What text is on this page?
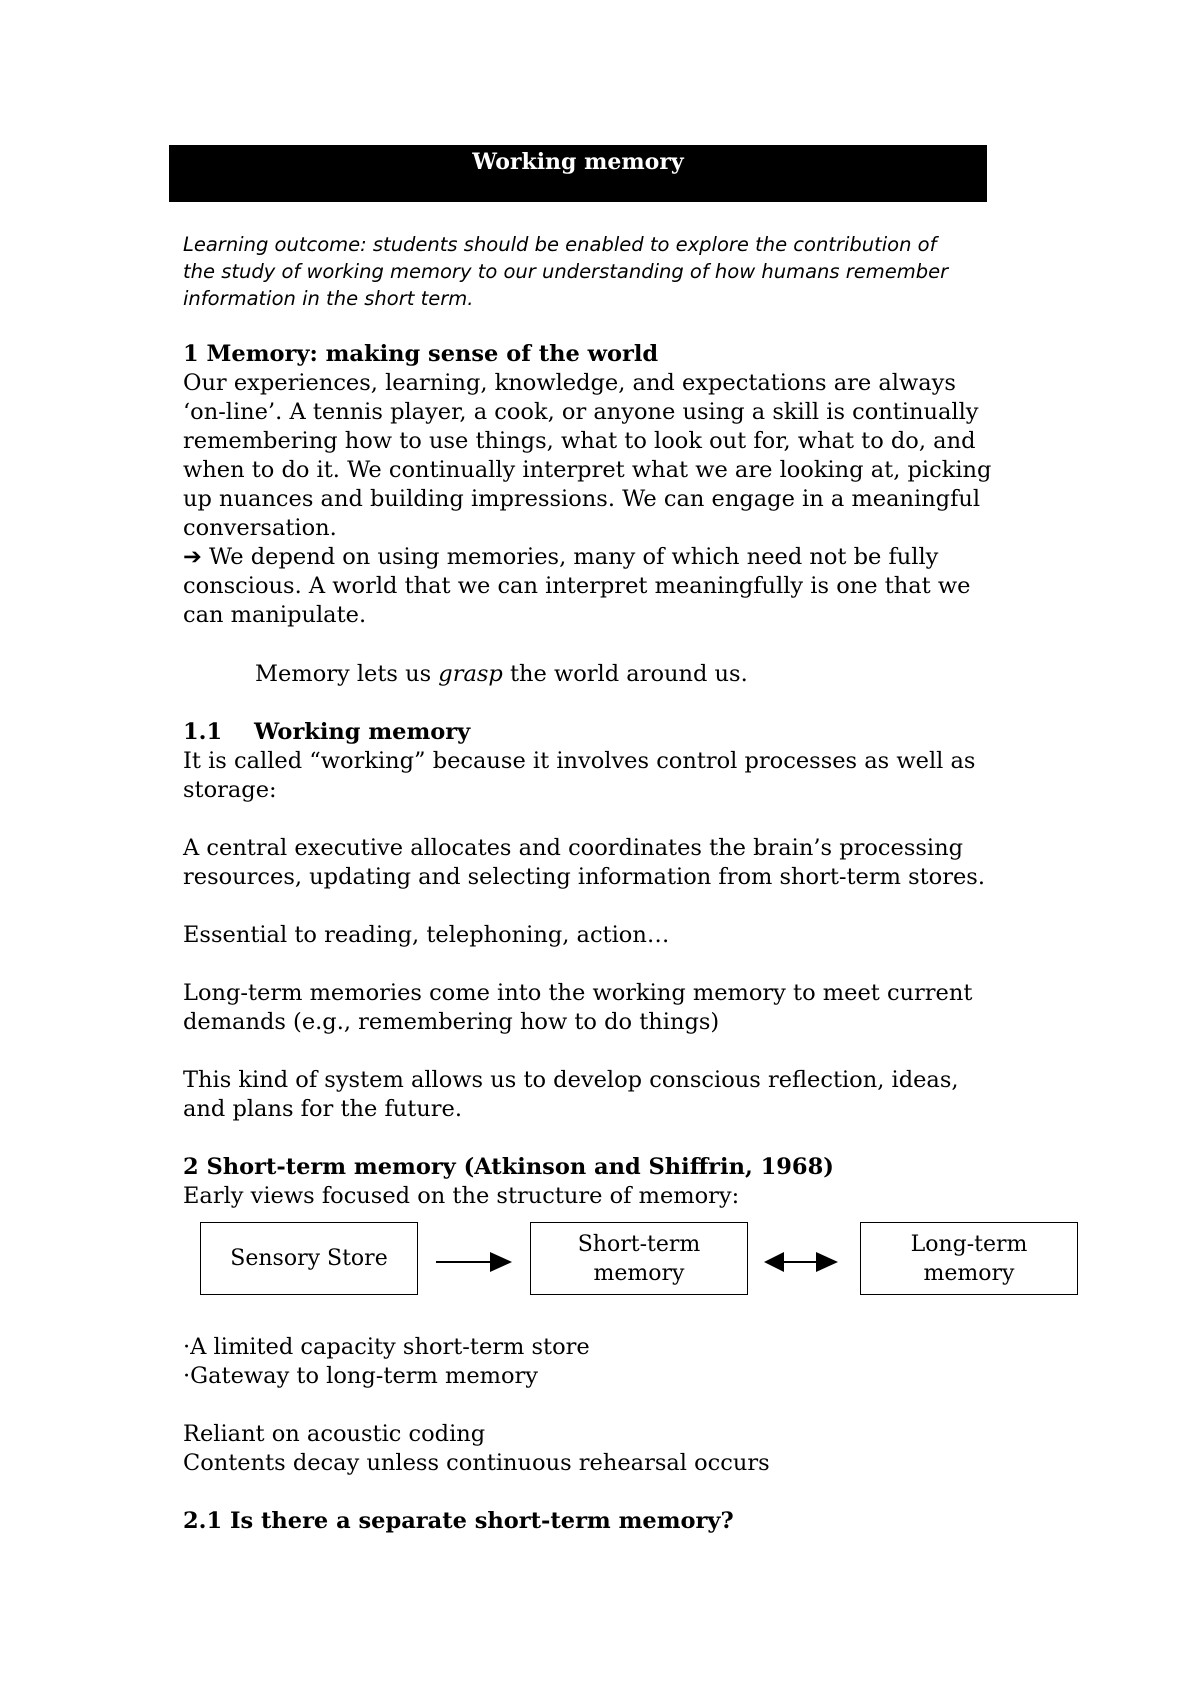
Working memory
Learning outcome: students should be enabled to explore the contribution of
the study of working memory to our understanding of how humans remember
information in the short term.
1 Memory: making sense of the world
Our experiences, learning, knowledge, and expectations are always
‘on-line’. A tennis player, a cook, or anyone using a skill is continually
remembering how to use things, what to look out for, what to do, and
when to do it. We continually interpret what we are looking at, picking
up nuances and building impressions. We can engage in a meaningful
conversation.
➔ We depend on using memories, many of which need not be fully
conscious. A world that we can interpret meaningfully is one that we
can manipulate.
Memory lets us grasp the world around us.
1.1 Working memory
It is called “working” because it involves control processes as well as
storage:
A central executive allocates and coordinates the brain’s processing
resources, updating and selecting information from short-term stores.
Essential to reading, telephoning, action…
Long-term memories come into the working memory to meet current
demands (e.g., remembering how to do things)
This kind of system allows us to develop conscious reflection, ideas,
and plans for the future.
2 Short-term memory (Atkinson and Shiffrin, 1968)
Early views focused on the structure of memory:
Sensory Store
Short-term
memory
Long-term
memory
·A limited capacity short-term store
·Gateway to long-term memory
Reliant on acoustic coding
Contents decay unless continuous rehearsal occurs
2.1 Is there a separate short-term memory?
